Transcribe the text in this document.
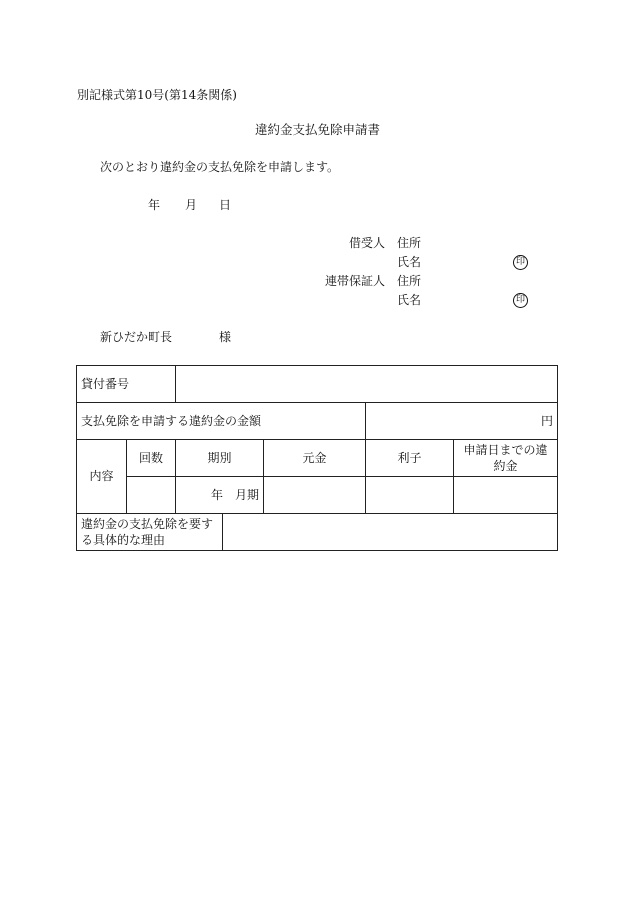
別記様式第10号(第14条関係)
違約金支払免除申請書
次のとおり違約金の支払免除を申請します。
年 月 日
借受人 住所
氏名	印
連帯保証人 住所
氏名	印
新ひだか町長	様
貸付番号						
支払免除を申請する違約金の金額					円	
内容	回数	期別		元金	利子	申請日までの違約金
		年　月期				
違約金の支払免除を要する具体的な理由						
